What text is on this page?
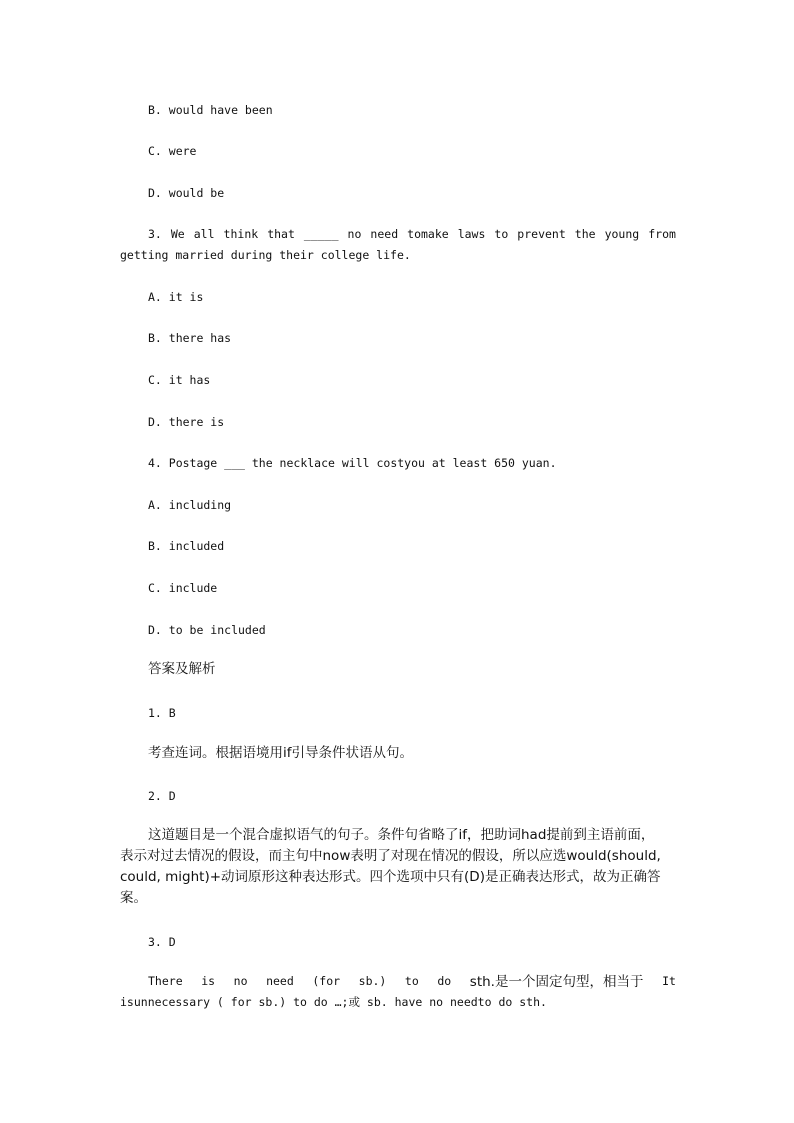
B. would have been
C. were
D. would be
3. We all think that _____ no need tomake laws to prevent the young from
getting married during their college life.
A. it is
B. there has
C. it has
D. there is
4. Postage ___ the necklace will costyou at least 650 yuan.
A. including
B. included
C. include
D. to be included
答案及解析
1. B
考查连词。根据语境用if引导条件状语从句。
2. D
这道题目是一个混合虚拟语气的句子。条件句省略了if，把助词had提前到主语前面，
表示对过去情况的假设，而主句中now表明了对现在情况的假设，所以应选would(should,
could, might)+动词原形这种表达形式。四个选项中只有(D)是正确表达形式，故为正确答
案。
3. D
There is no need (for sb.) to do sth.是一个固定句型，相当于 It
isunnecessary ( for sb.) to do …;或 sb. have no needto do sth.
